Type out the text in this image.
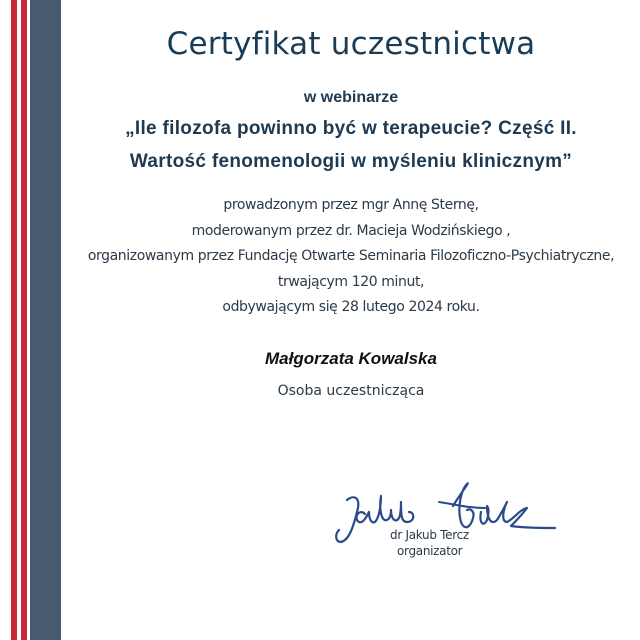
Certyfikat uczestnictwa
w webinarze
„Ile filozofa powinno być w terapeucie? Część II.
Wartość fenomenologii w myśleniu klinicznym”
prowadzonym przez mgr Annę Sternę,
moderowanym przez dr. Macieja Wodzińskiego ,
organizowanym przez Fundację Otwarte Seminaria Filozoficzno-Psychiatryczne,
trwającym 120 minut,
odbywającym się 28 lutego 2024 roku.
Małgorzata Kowalska
Osoba uczestnicząca
dr Jakub Tercz
organizator
